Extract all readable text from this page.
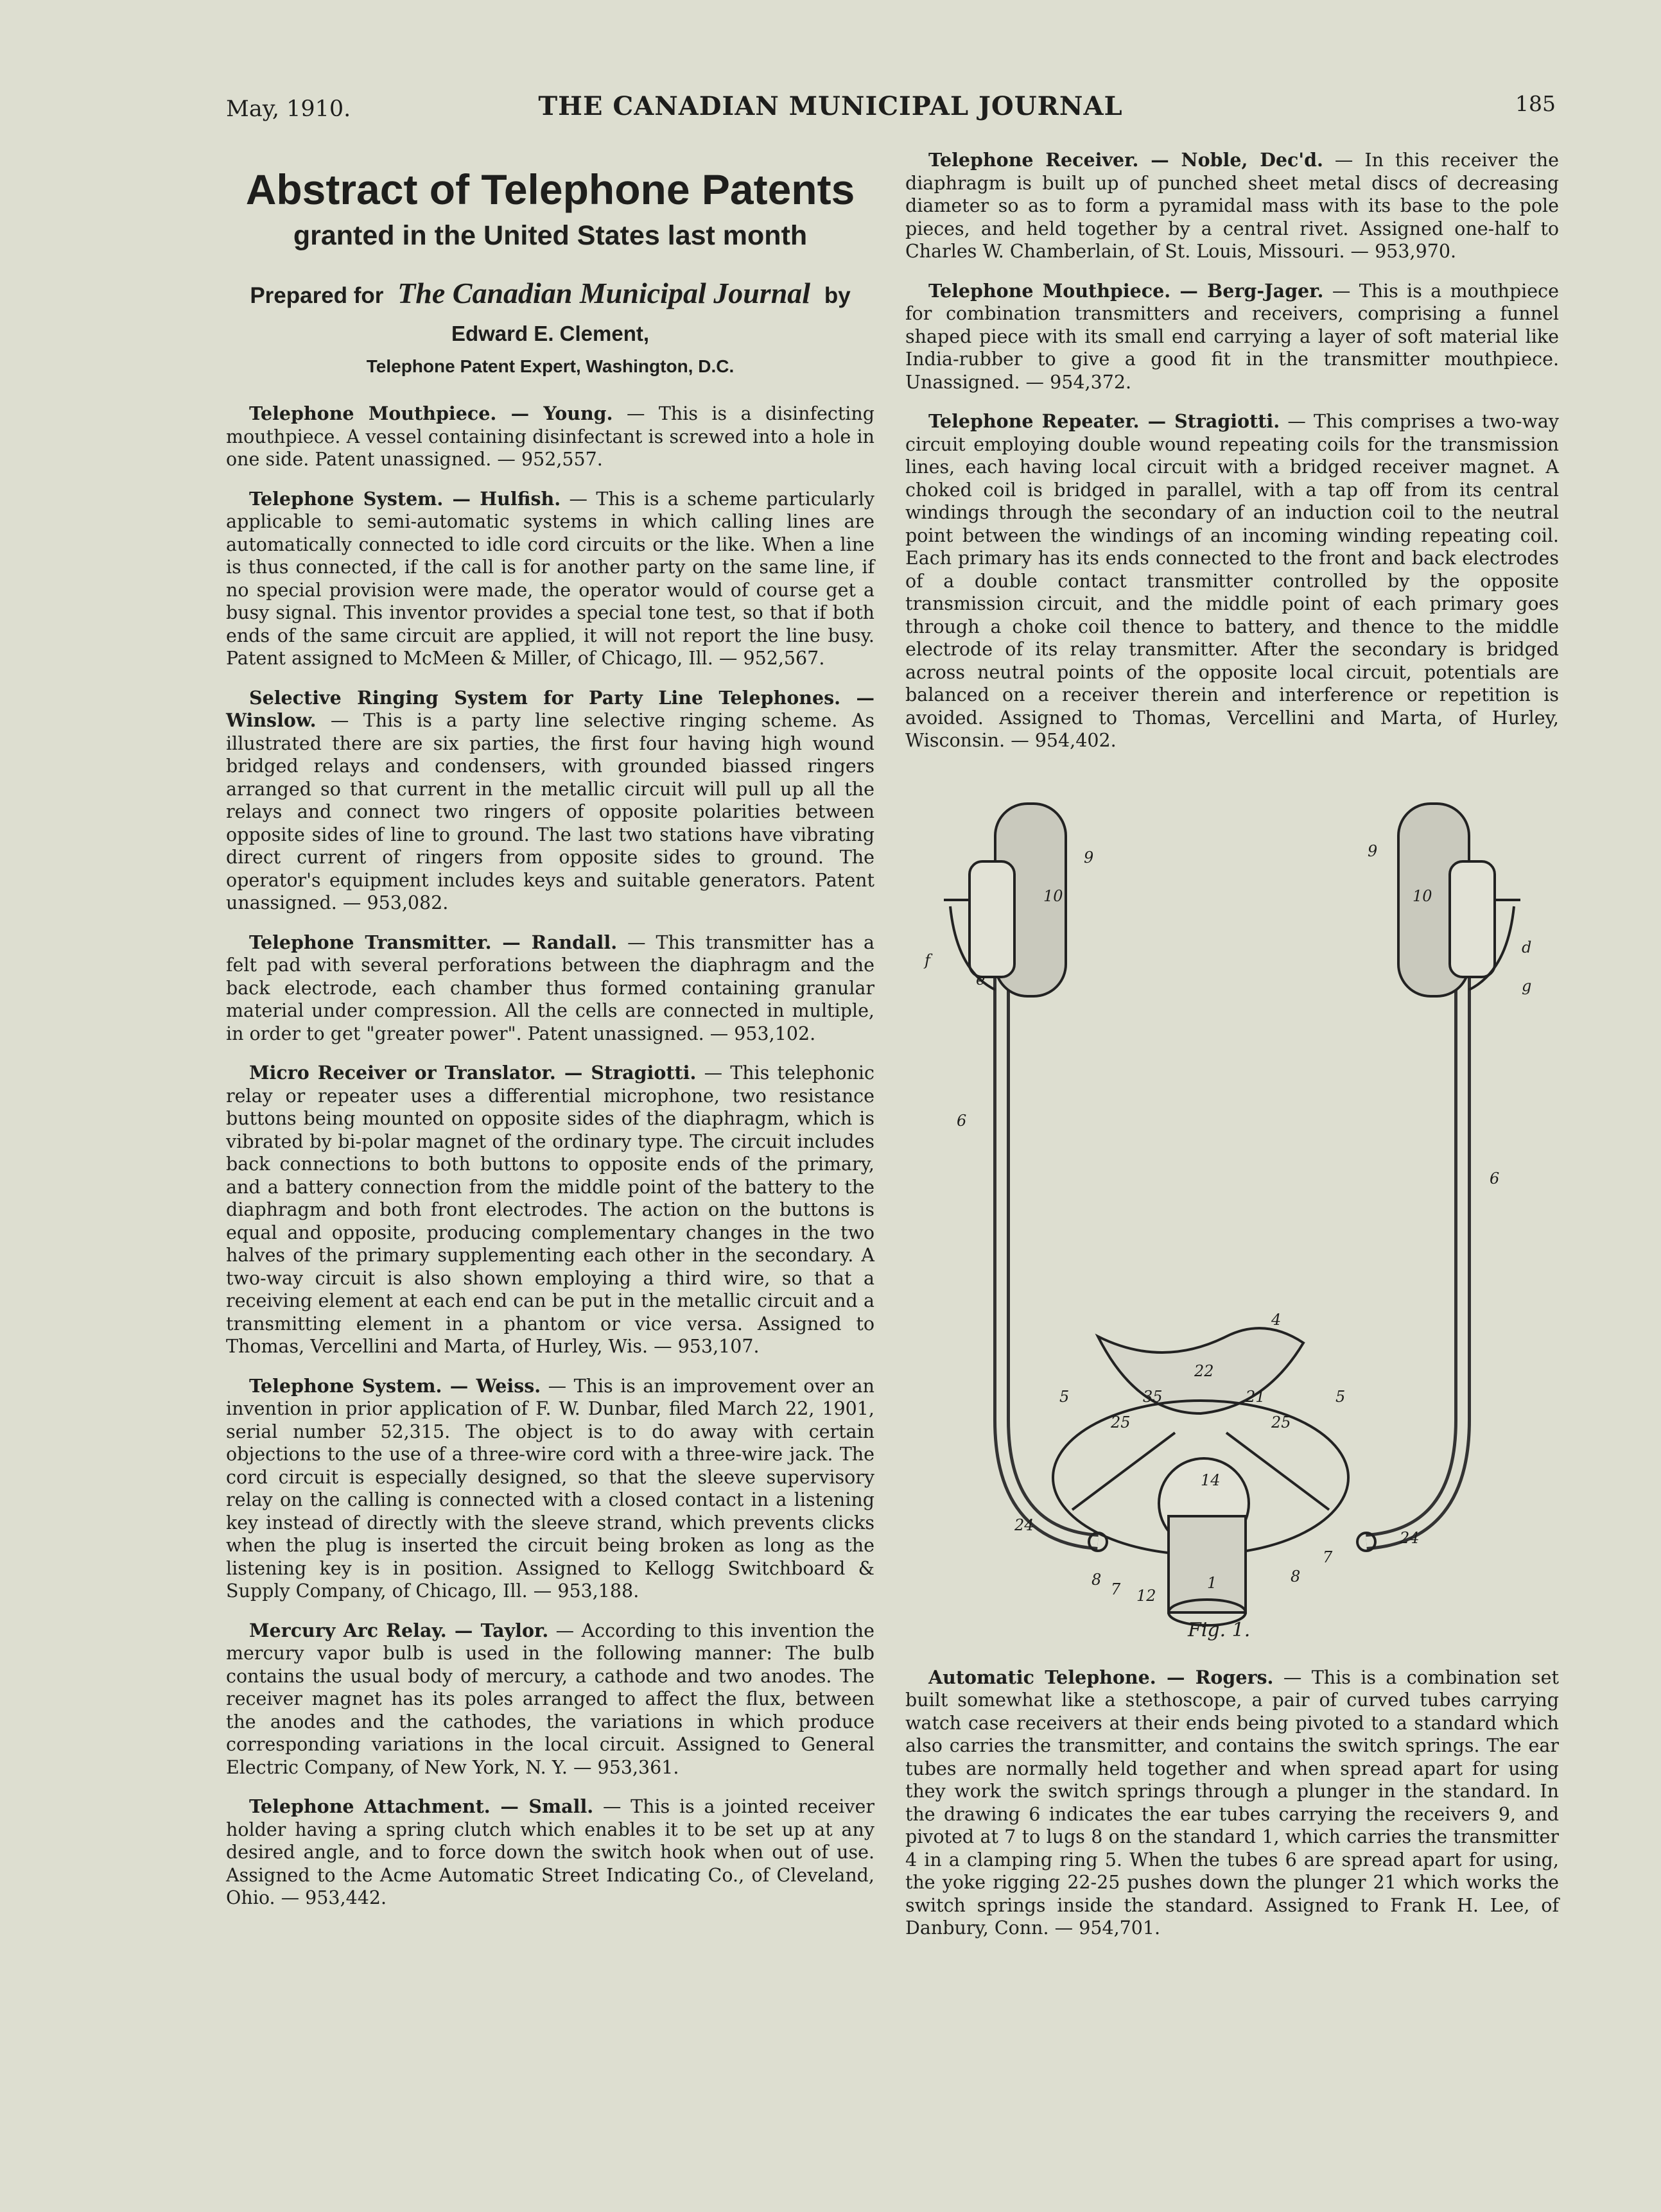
May, 1910.	THE CANADIAN MUNICIPAL JOURNAL	185
Abstract of Telephone Patents
granted in the United States last month
Prepared for The Canadian Municipal Journal by
Edward E. Clement,
Telephone Patent Expert, Washington, D.C.

Telephone Mouthpiece. — Young. — This is a disinfecting mouthpiece. A vessel containing disinfectant is screwed into a hole in one side. Patent unassigned. — 952,557.

Telephone System. — Hulfish. — This is a scheme particularly applicable to semi-automatic systems in which calling lines are automatically connected to idle cord circuits or the like. When a line is thus connected, if the call is for another party on the same line, if no special provision were made, the operator would of course get a busy signal. This inventor provides a special tone test, so that if both ends of the same circuit are applied, it will not report the line busy. Patent assigned to McMeen & Miller, of Chicago, Ill. — 952,567.

Selective Ringing System for Party Line Telephones. — Winslow. — This is a party line selective ringing scheme. As illustrated there are six parties, the first four having high wound bridged relays and condensers, with grounded biassed ringers arranged so that current in the metallic circuit will pull up all the relays and connect two ringers of opposite polarities between opposite sides of line to ground. The last two stations have vibrating direct current of ringers from opposite sides to ground. The operator's equipment includes keys and suitable generators. Patent unassigned. — 953,082.

Telephone Transmitter. — Randall. — This transmitter has a felt pad with several perforations between the diaphragm and the back electrode, each chamber thus formed containing granular material under compression. All the cells are connected in multiple, in order to get "greater power". Patent unassigned. — 953,102.

Micro Receiver or Translator. — Stragiotti. — This telephonic relay or repeater uses a differential microphone, two resistance buttons being mounted on opposite sides of the diaphragm, which is vibrated by bi-polar magnet of the ordinary type. The circuit includes back connections to both buttons to opposite ends of the primary, and a battery connection from the middle point of the battery to the diaphragm and both front electrodes. The action on the buttons is equal and opposite, producing complementary changes in the two halves of the primary supplementing each other in the secondary. A two-way circuit is also shown employing a third wire, so that a receiving element at each end can be put in the metallic circuit and a transmitting element in a phantom or vice versa. Assigned to Thomas, Vercellini and Marta, of Hurley, Wis. — 953,107.

Telephone System. — Weiss. — This is an improvement over an invention in prior application of F. W. Dunbar, filed March 22, 1901, serial number 52,315. The object is to do away with certain objections to the use of a three-wire cord with a three-wire jack. The cord circuit is especially designed, so that the sleeve supervisory relay on the calling is connected with a closed contact in a listening key instead of directly with the sleeve strand, which prevents clicks when the plug is inserted the circuit being broken as long as the listening key is in position. Assigned to Kellogg Switchboard & Supply Company, of Chicago, Ill. — 953,188.

Mercury Arc Relay. — Taylor. — According to this invention the mercury vapor bulb is used in the following manner: The bulb contains the usual body of mercury, a cathode and two anodes. The receiver magnet has its poles arranged to affect the flux, between the anodes and the cathodes, the variations in which produce corresponding variations in the local circuit. Assigned to General Electric Company, of New York, N. Y. — 953,361.

Telephone Attachment. — Small. — This is a jointed receiver holder having a spring clutch which enables it to be set up at any desired angle, and to force down the switch hook when out of use. Assigned to the Acme Automatic Street Indicating Co., of Cleveland, Ohio. — 953,442.

Telephone Receiver. — Noble, Dec'd. — In this receiver the diaphragm is built up of punched sheet metal discs of decreasing diameter so as to form a pyramidal mass with its base to the pole pieces, and held together by a central rivet. Assigned one-half to Charles W. Chamberlain, of St. Louis, Missouri. — 953,970.

Telephone Mouthpiece. — Berg-Jager. — This is a mouthpiece for combination transmitters and receivers, comprising a funnel shaped piece with its small end carrying a layer of soft material like India-rubber to give a good fit in the transmitter mouthpiece. Unassigned. — 954,372.

Telephone Repeater. — Stragiotti. — This comprises a two-way circuit employing double wound repeating coils for the transmission lines, each having local circuit with a bridged receiver magnet. A choked coil is bridged in parallel, with a tap off from its central windings through the secondary of an induction coil to the neutral point between the windings of an incoming winding repeating coil. Each primary has its ends connected to the front and back electrodes of a double contact transmitter controlled by the opposite transmission circuit, and the middle point of each primary goes through a choke coil thence to battery, and thence to the middle electrode of its relay transmitter. After the secondary is bridged across neutral points of the opposite local circuit, potentials are balanced on a receiver therein and interference or repetition is avoided. Assigned to Thomas, Vercellini and Marta, of Hurley, Wisconsin. — 954,402.

10
9
f
e
6
10
9
d
g
6
4
22
35	21
5
25	25
5
14
24
24
8
7 12
1	8
7
Fig. 1.

Automatic Telephone. — Rogers. — This is a combination set built somewhat like a stethoscope, a pair of curved tubes carrying watch case receivers at their ends being pivoted to a standard which also carries the transmitter, and contains the switch springs. The ear tubes are normally held together and when spread apart for using they work the switch springs through a plunger in the standard. In the drawing 6 indicates the ear tubes carrying the receivers 9, and pivoted at 7 to lugs 8 on the standard 1, which carries the transmitter 4 in a clamping ring 5. When the tubes 6 are spread apart for using, the yoke rigging 22-25 pushes down the plunger 21 which works the switch springs inside the standard. Assigned to Frank H. Lee, of Danbury, Conn. — 954,701.
